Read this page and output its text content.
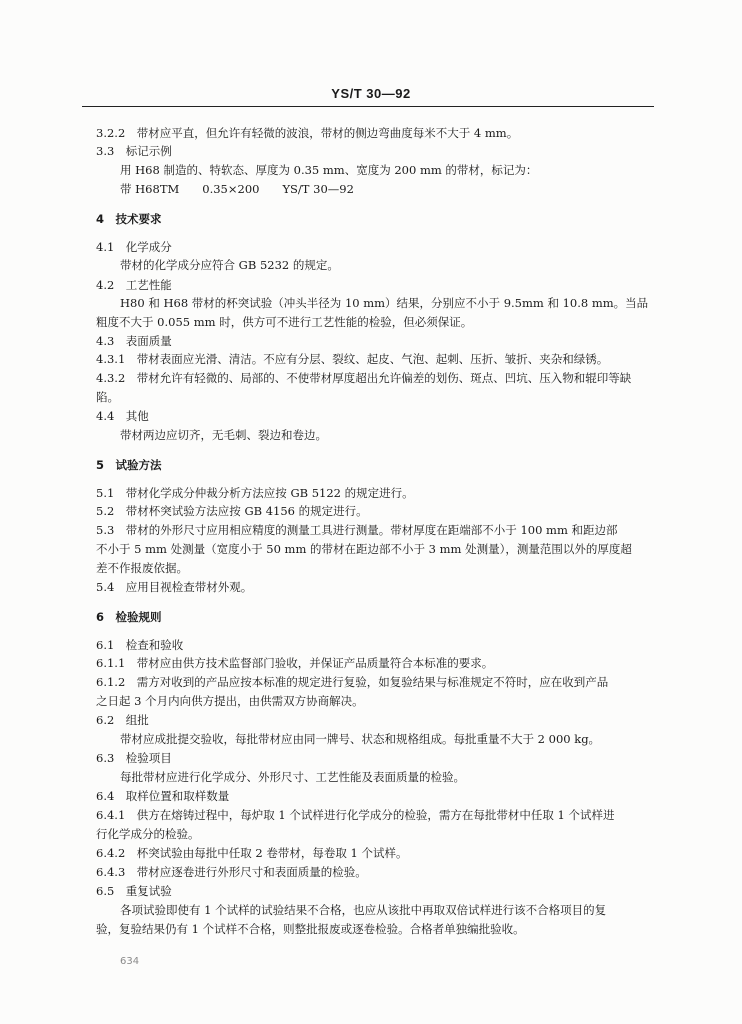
YS/T 30—92
3.2.2　带材应平直，但允许有轻微的波浪，带材的侧边弯曲度每米不大于 4 mm。
3.3　标记示例
用 H68 制造的、特软态、厚度为 0.35 mm、宽度为 200 mm 的带材，标记为：
带 H68TM　　0.35×200　　YS/T 30—92
4　技术要求
4.1　化学成分
带材的化学成分应符合 GB 5232 的规定。
4.2　工艺性能
H80 和 H68 带材的杯突试验（冲头半径为 10 mm）结果，分别应不小于 9.5mm 和 10.8 mm。当品
粗度不大于 0.055 mm 时，供方可不进行工艺性能的检验，但必须保证。
4.3　表面质量
4.3.1　带材表面应光滑、清洁。不应有分层、裂纹、起皮、气泡、起刺、压折、皱折、夹杂和绿锈。
4.3.2　带材允许有轻微的、局部的、不使带材厚度超出允许偏差的划伤、斑点、凹坑、压入物和辊印等缺
陷。
4.4　其他
带材两边应切齐，无毛刺、裂边和卷边。
5　试验方法
5.1　带材化学成分仲裁分析方法应按 GB 5122 的规定进行。
5.2　带材杯突试验方法应按 GB 4156 的规定进行。
5.3　带材的外形尺寸应用相应精度的测量工具进行测量。带材厚度在距端部不小于 100 mm 和距边部
不小于 5 mm 处测量（宽度小于 50 mm 的带材在距边部不小于 3 mm 处测量），测量范围以外的厚度超
差不作报废依据。
5.4　应用目视检查带材外观。
6　检验规则
6.1　检查和验收
6.1.1　带材应由供方技术监督部门验收，并保证产品质量符合本标准的要求。
6.1.2　需方对收到的产品应按本标准的规定进行复验，如复验结果与标准规定不符时，应在收到产品
之日起 3 个月内向供方提出，由供需双方协商解决。
6.2　组批
带材应成批提交验收，每批带材应由同一牌号、状态和规格组成。每批重量不大于 2 000 kg。
6.3　检验项目
每批带材应进行化学成分、外形尺寸、工艺性能及表面质量的检验。
6.4　取样位置和取样数量
6.4.1　供方在熔铸过程中，每炉取 1 个试样进行化学成分的检验，需方在每批带材中任取 1 个试样进
行化学成分的检验。
6.4.2　杯突试验由每批中任取 2 卷带材，每卷取 1 个试样。
6.4.3　带材应逐卷进行外形尺寸和表面质量的检验。
6.5　重复试验
各项试验即使有 1 个试样的试验结果不合格，也应从该批中再取双倍试样进行该不合格项目的复
验，复验结果仍有 1 个试样不合格，则整批报废或逐卷检验。合格者单独编批验收。
634
